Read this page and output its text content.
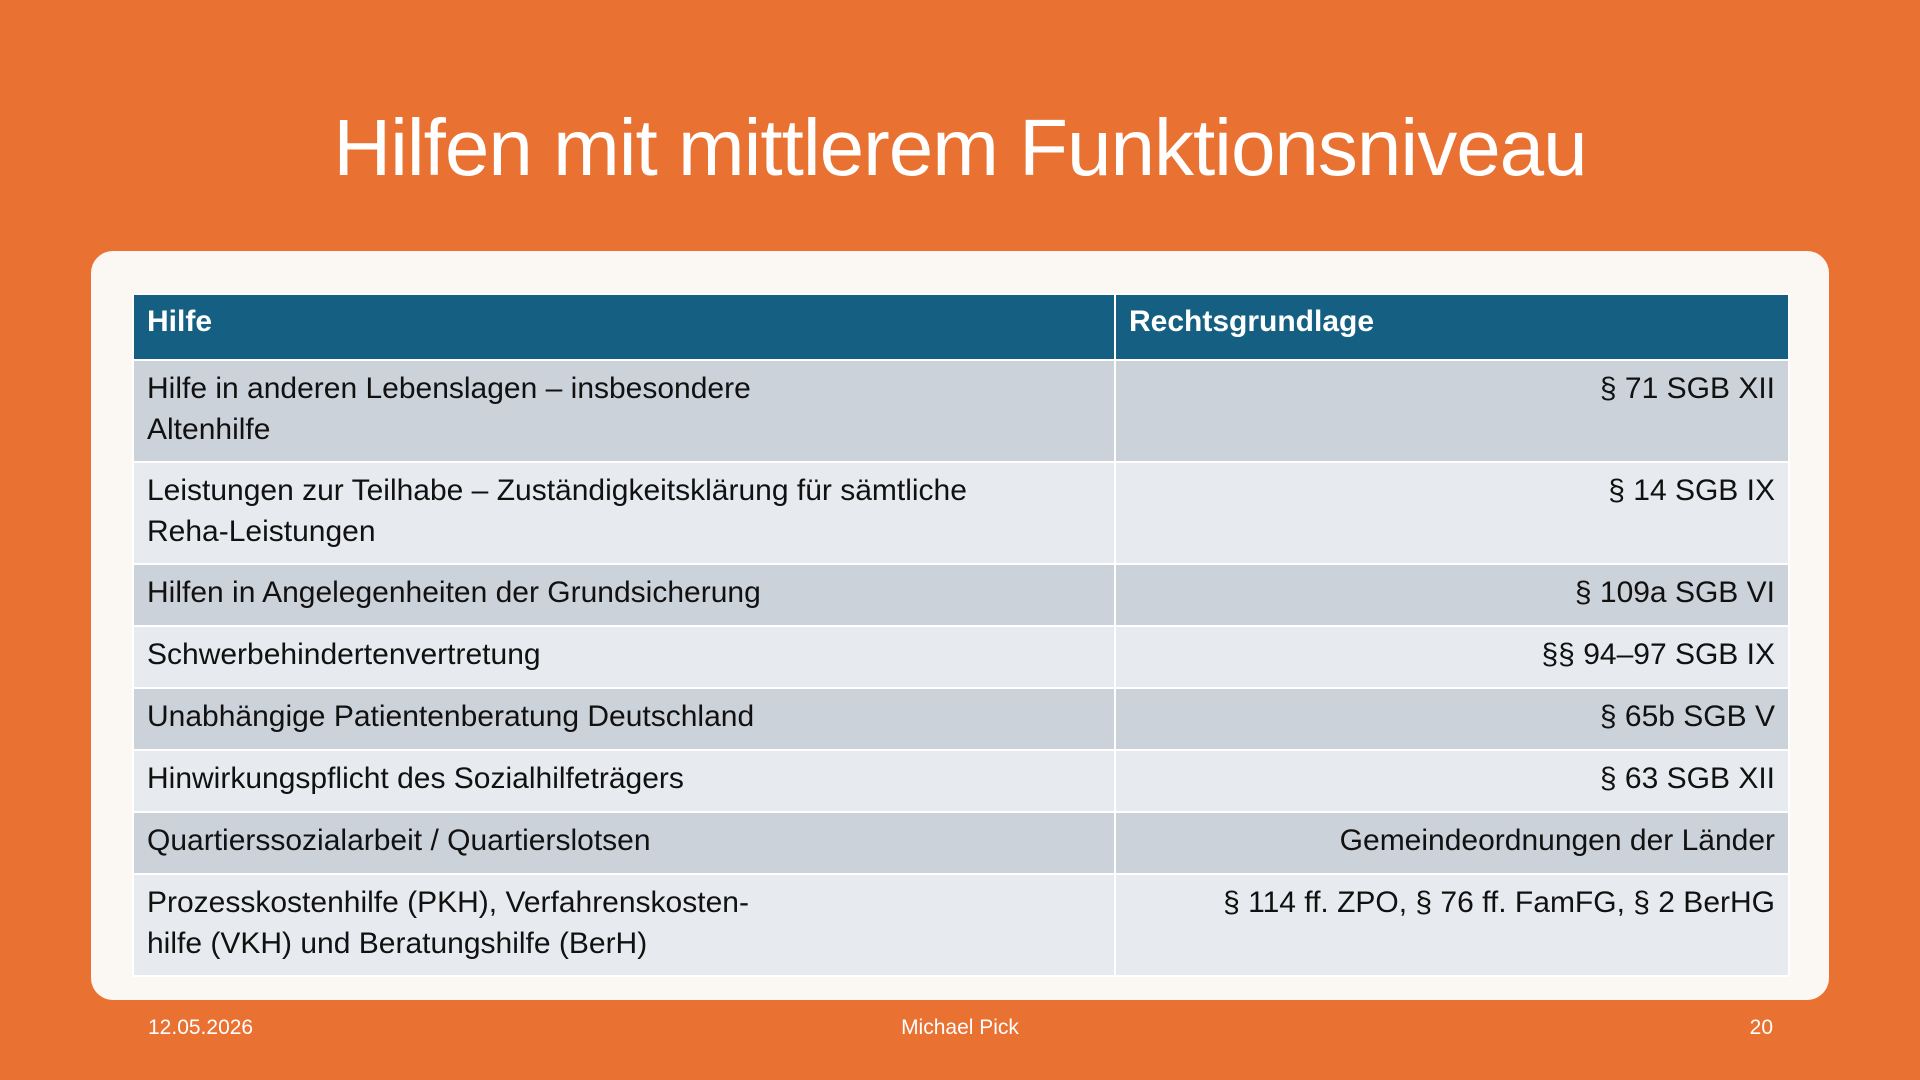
Hilfen mit mittlerem Funktionsniveau
Hilfe	Rechtsgrundlage
Hilfe in anderen Lebenslagen – insbesondere
Altenhilfe	§ 71 SGB XII
Leistungen zur Teilhabe – Zuständigkeitsklärung für sämtliche
Reha-Leistungen	§ 14 SGB IX
Hilfen in Angelegenheiten der Grundsicherung	§ 109a SGB VI
Schwerbehindertenvertretung	§§ 94–97 SGB IX
Unabhängige Patientenberatung Deutschland	§ 65b SGB V
Hinwirkungspflicht des Sozialhilfeträgers	§ 63 SGB XII
Quartierssozialarbeit / Quartierslotsen	Gemeindeordnungen der Länder
Prozesskostenhilfe (PKH), Verfahrenskosten-
hilfe (VKH) und Beratungshilfe (BerH)	§ 114 ff. ZPO, § 76 ff. FamFG, § 2 BerHG
12.05.2026	Michael Pick	20
